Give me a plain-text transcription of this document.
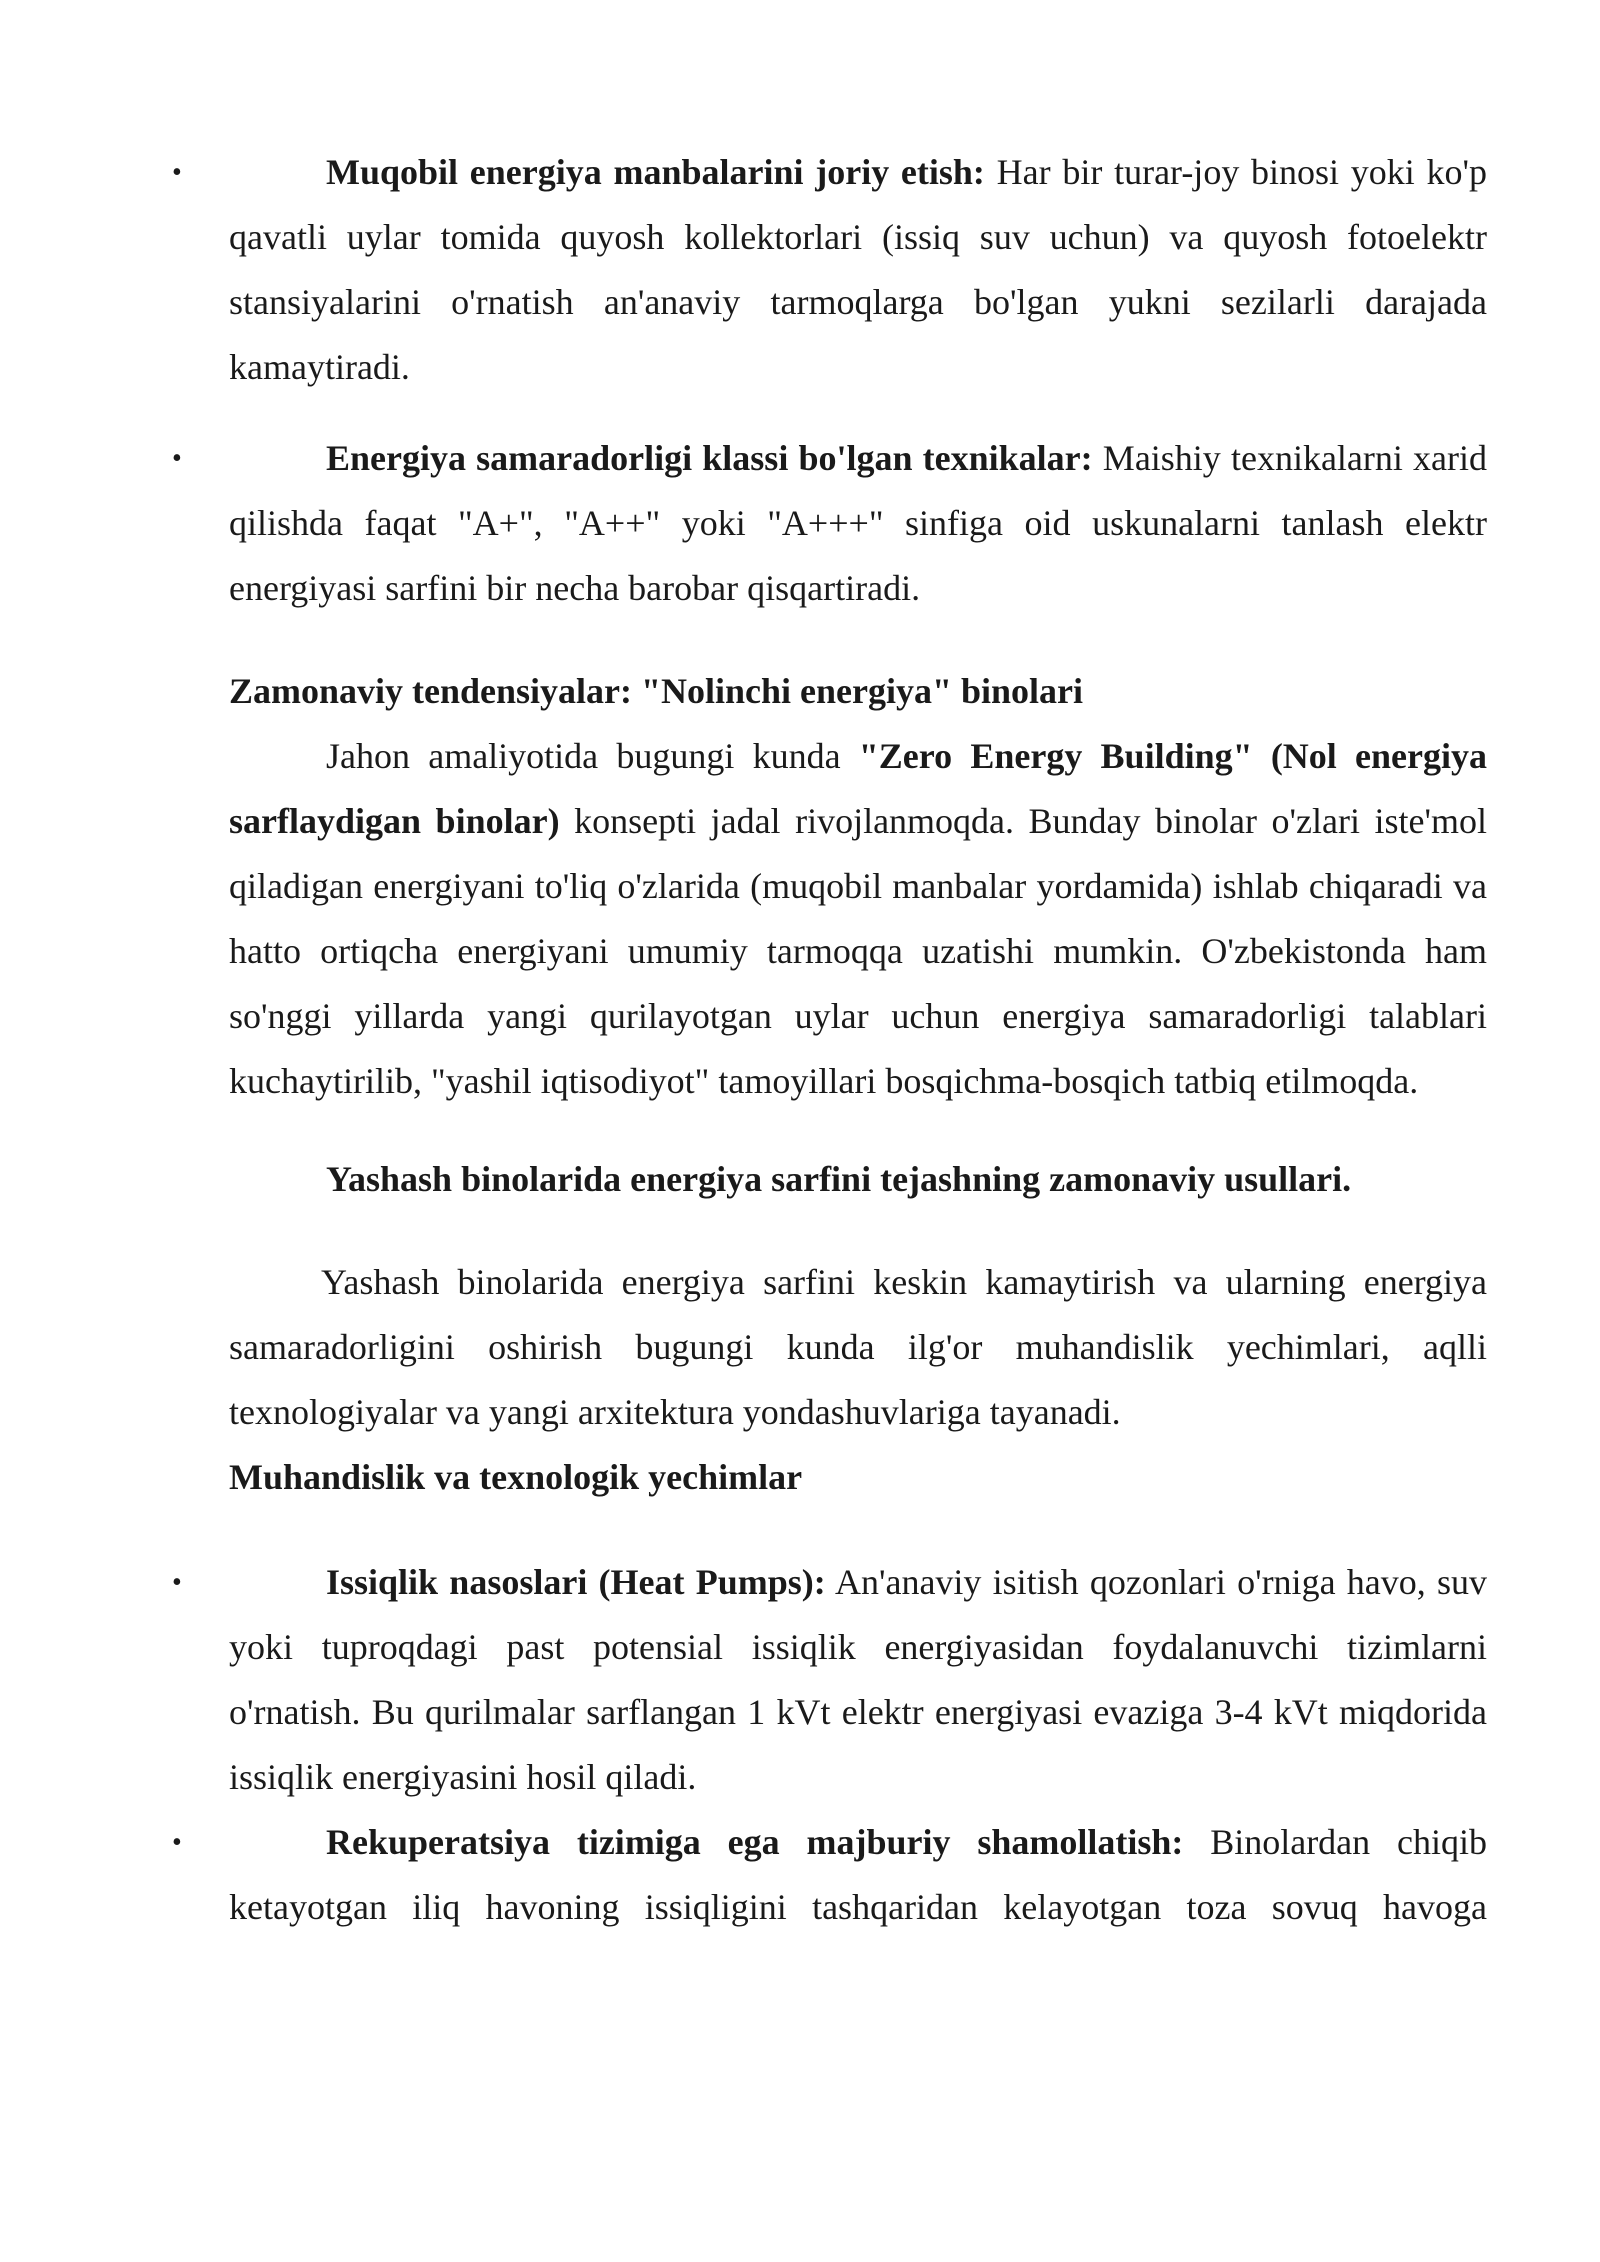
•	Muqobil energiya manbalarini joriy etish: Har bir turar-joy binosi yoki ko'p qavatli uylar tomida quyosh kollektorlari (issiq suv uchun) va quyosh fotoelektr stansiyalarini o'rnatish an'anaviy tarmoqlarga bo'lgan yukni sezilarli darajada kamaytiradi.

•	Energiya samaradorligi klassi bo'lgan texnikalar: Maishiy texnikalarni xarid qilishda faqat "A+", "A++" yoki "A+++" sinfiga oid uskunalarni tanlash elektr energiyasi sarfini bir necha barobar qisqartiradi.

Zamonaviy tendensiyalar: "Nolinchi energiya" binolari

Jahon amaliyotida bugungi kunda "Zero Energy Building" (Nol energiya sarflaydigan binolar) konsepti jadal rivojlanmoqda. Bunday binolar o'zlari iste'mol qiladigan energiyani to'liq o'zlarida (muqobil manbalar yordamida) ishlab chiqaradi va hatto ortiqcha energiyani umumiy tarmoqqa uzatishi mumkin. O'zbekistonda ham so'nggi yillarda yangi qurilayotgan uylar uchun energiya samaradorligi talablari kuchaytirilib, "yashil iqtisodiyot" tamoyillari bosqichma-bosqich tatbiq etilmoqda.

Yashash binolarida energiya sarfini tejashning zamonaviy usullari.

Yashash binolarida energiya sarfini keskin kamaytirish va ularning energiya samaradorligini oshirish bugungi kunda ilg'or muhandislik yechimlari, aqlli texnologiyalar va yangi arxitektura yondashuvlariga tayanadi.

Muhandislik va texnologik yechimlar

•	Issiqlik nasoslari (Heat Pumps): An'anaviy isitish qozonlari o'rniga havo, suv yoki tuproqdagi past potensial issiqlik energiyasidan foydalanuvchi tizimlarni o'rnatish. Bu qurilmalar sarflangan 1 kVt elektr energiyasi evaziga 3-4 kVt miqdorida issiqlik energiyasini hosil qiladi.

•	Rekuperatsiya tizimiga ega majburiy shamollatish: Binolardan chiqib ketayotgan iliq havoning issiqligini tashqaridan kelayotgan toza sovuq havoga
